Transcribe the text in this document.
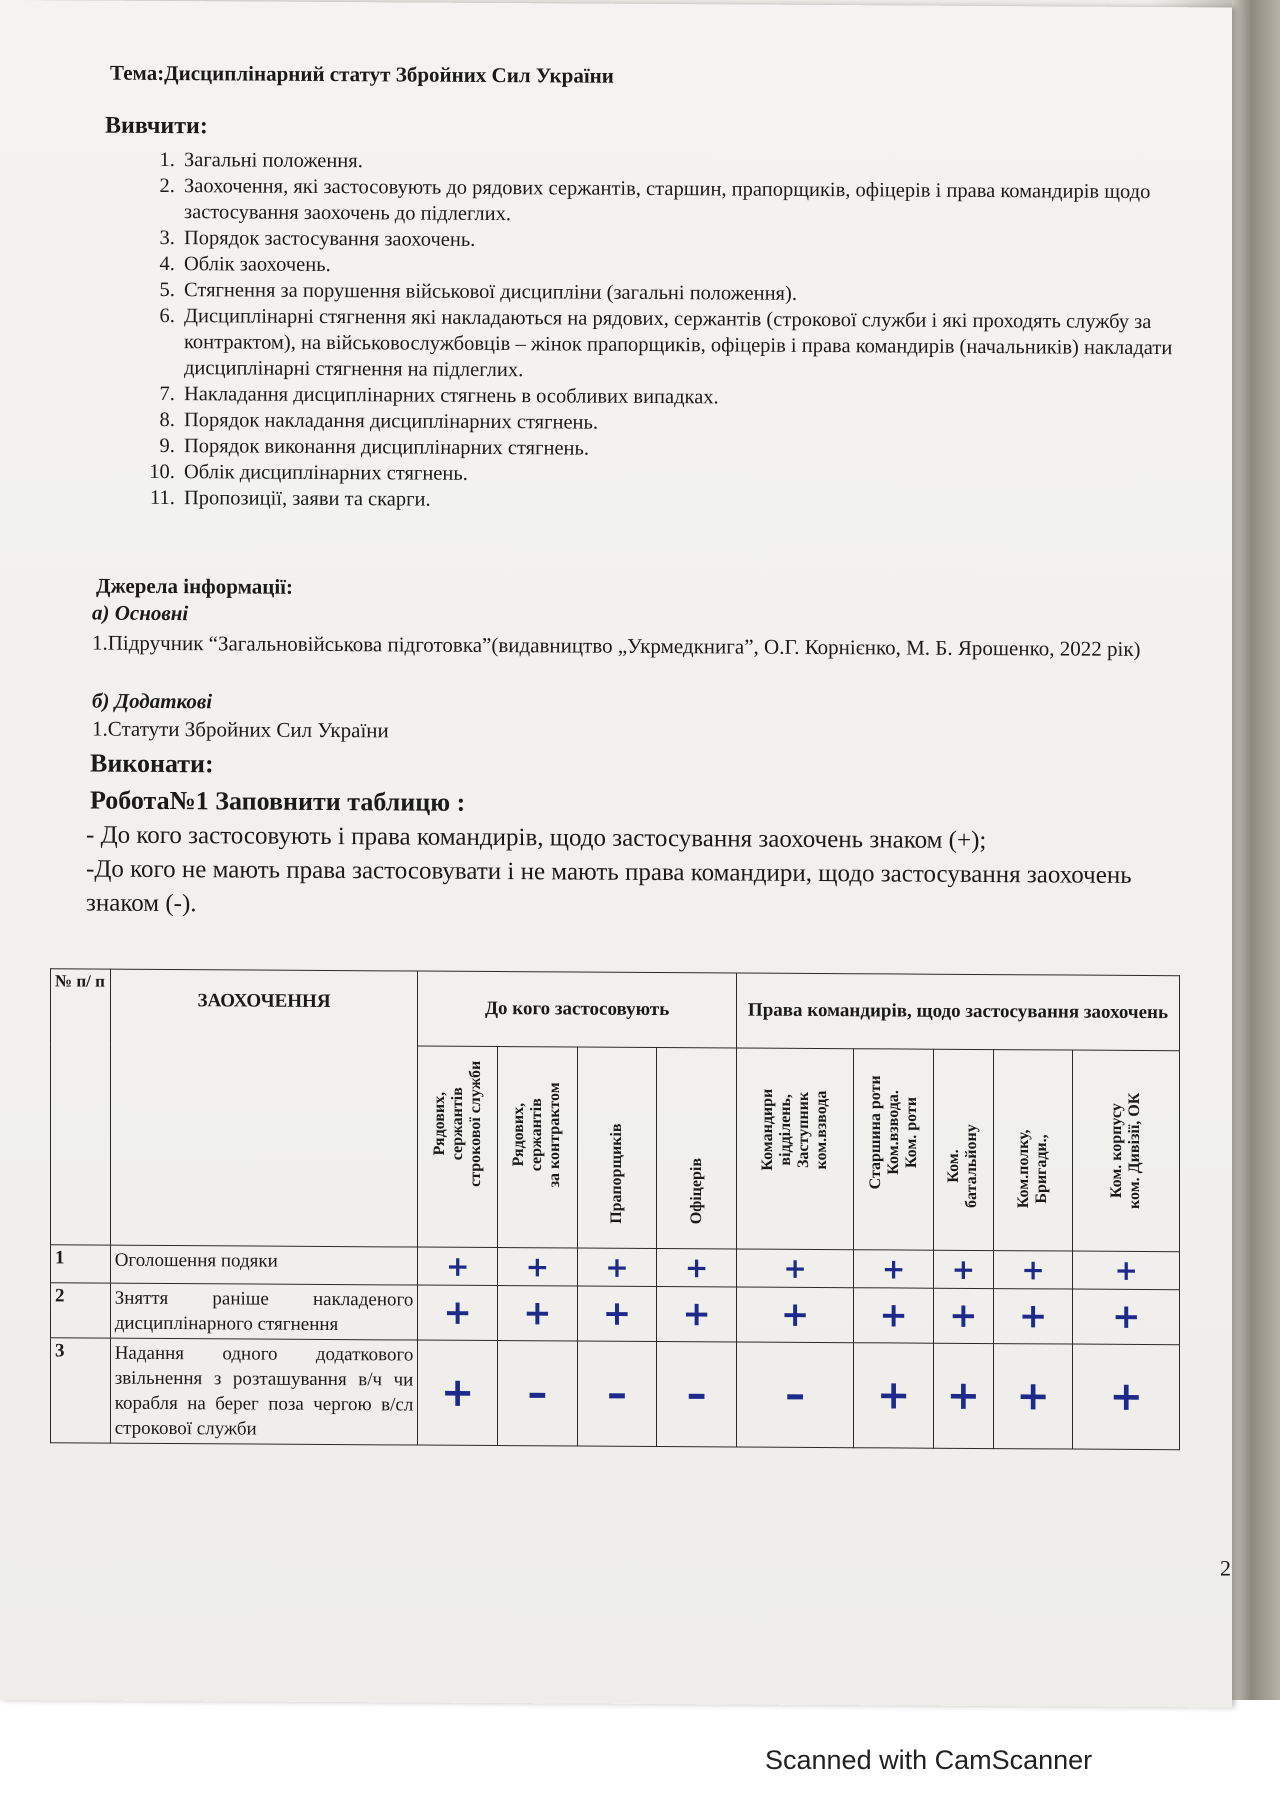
Тема:Дисциплінарний статут Збройних Сил України
Вивчити:
1. Загальні положення.
2. Заохочення, які застосовують до рядових сержантів, старшин, прапорщиків, офіцерів і права командирів щодо застосування заохочень до підлеглих.
3. Порядок застосування заохочень.
4. Облік заохочень.
5. Стягнення за порушення військової дисципліни (загальні положення).
6. Дисциплінарні стягнення які накладаються на рядових, сержантів (строкової служби і які проходять службу за контрактом), на військовослужбовців – жінок прапорщиків, офіцерів і права командирів (начальників) накладати дисциплінарні стягнення на підлеглих.
7. Накладання дисциплінарних стягнень в особливих випадках.
8. Порядок накладання дисциплінарних стягнень.
9. Порядок виконання дисциплінарних стягнень.
10. Облік дисциплінарних стягнень.
11. Пропозиції, заяви та скарги.
Джерела інформації:
а) Основні
1.Підручник “Загальновійськова підготовка”(видавництво „Укрмедкнига”, О.Г. Корнієнко, М. Б. Ярошенко, 2022 рік)
б) Додаткові
1.Статути Збройних Сил України
Виконати:
Робота№1 Заповнити таблицю :
- До кого застосовують і права командирів, щодо застосування заохочень знаком (+);
-До кого не мають права застосовувати і не мають права командири, щодо застосування заохочень знаком (-).
№ п/ п	ЗАОХОЧЕННЯ	До кого застосовують				Права командирів, щодо застосування заохочень				

		Рядових,
сержантів
строкової служби	Рядових,
сержантів
за контрактом	Прапорщиків	Офіцерів	Командири
відділень,
Заступник
ком.взвода	Старшина роти
Ком.взвода.
Ком. роти	Ком.
батальйону	Ком.полку,
Бригади.,	Ком. корпусу
ком. Дивізії, ОК

1	Оголошення подяки	+	+	+	+	+	+	+	+	+
2	Зняття раніше накладеного дисциплінарного стягнення	+	+	+	+	+	+	+	+	+
3	Надання одного додаткового звільнення з розташування в/ч чи корабля на берег поза чергою в/сл строкової служби	+	–	–	–	–	+	+	+	+
2
Scanned with CamScanner
